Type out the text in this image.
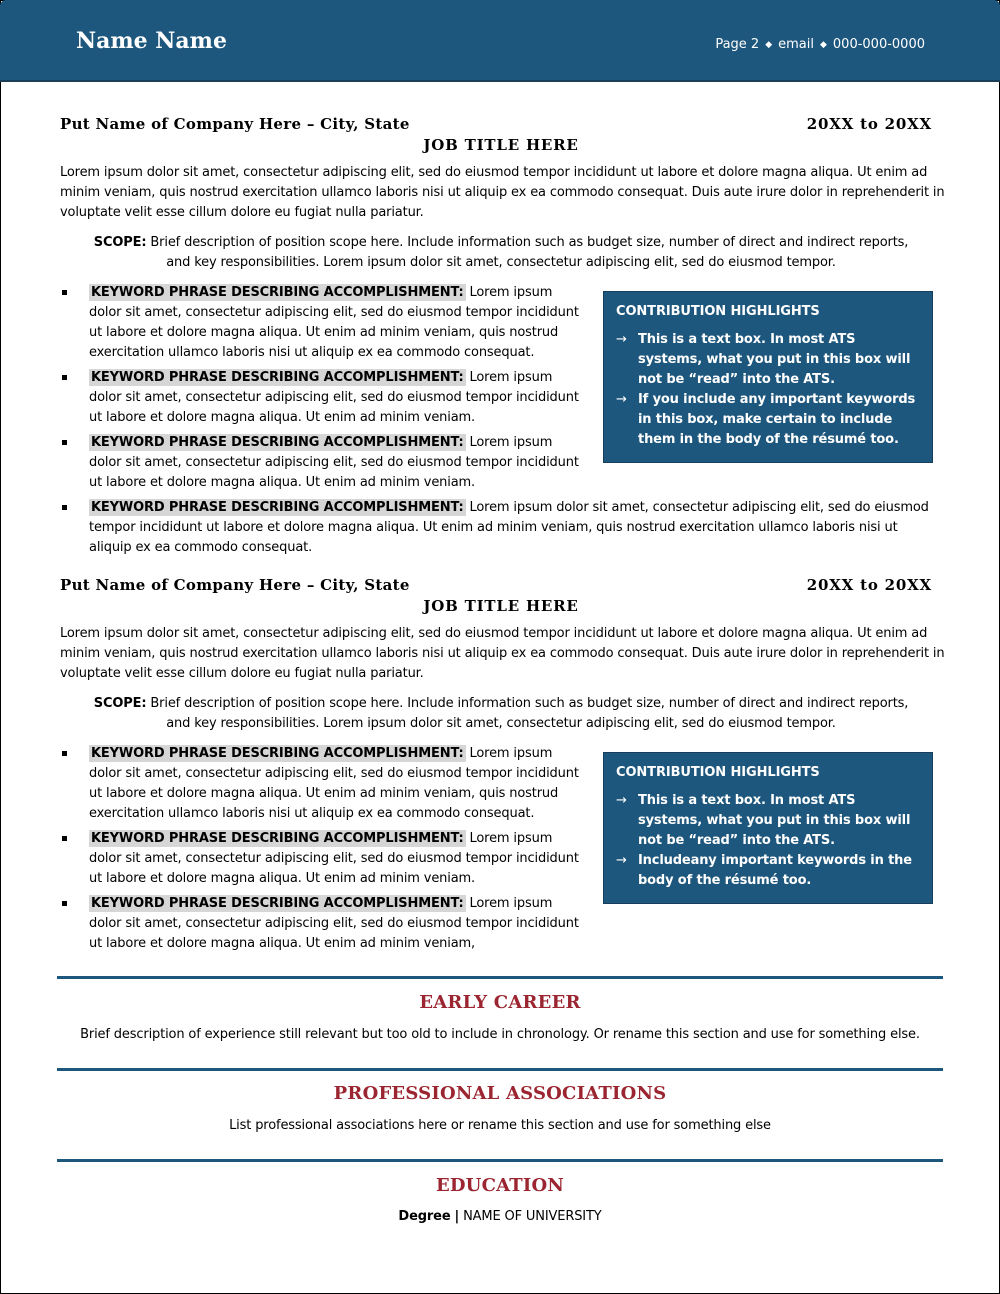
Name Name	Page 2 ◆ email ◆ 000-000-0000
Put Name of Company Here – City, State	20XX to 20XX
JOB TITLE HERE
Lorem ipsum dolor sit amet, consectetur adipiscing elit, sed do eiusmod tempor incididunt ut labore et dolore magna aliqua. Ut enim ad minim veniam, quis nostrud exercitation ullamco laboris nisi ut aliquip ex ea commodo consequat. Duis aute irure dolor in reprehenderit in voluptate velit esse cillum dolore eu fugiat nulla pariatur.
SCOPE: Brief description of position scope here. Include information such as budget size, number of direct and indirect reports, and key responsibilities. Lorem ipsum dolor sit amet, consectetur adipiscing elit, sed do eiusmod tempor.
KEYWORD PHRASE DESCRIBING ACCOMPLISHMENT: Lorem ipsum dolor sit amet, consectetur adipiscing elit, sed do eiusmod tempor incididunt ut labore et dolore magna aliqua. Ut enim ad minim veniam, quis nostrud exercitation ullamco laboris nisi ut aliquip ex ea commodo consequat.
KEYWORD PHRASE DESCRIBING ACCOMPLISHMENT: Lorem ipsum dolor sit amet, consectetur adipiscing elit, sed do eiusmod tempor incididunt ut labore et dolore magna aliqua. Ut enim ad minim veniam.
KEYWORD PHRASE DESCRIBING ACCOMPLISHMENT: Lorem ipsum dolor sit amet, consectetur adipiscing elit, sed do eiusmod tempor incididunt ut labore et dolore magna aliqua. Ut enim ad minim veniam.
KEYWORD PHRASE DESCRIBING ACCOMPLISHMENT: Lorem ipsum dolor sit amet, consectetur adipiscing elit, sed do eiusmod tempor incididunt ut labore et dolore magna aliqua. Ut enim ad minim veniam, quis nostrud exercitation ullamco laboris nisi ut aliquip ex ea commodo consequat.
CONTRIBUTION HIGHLIGHTS
→ This is a text box. In most ATS systems, what you put in this box will not be “read” into the ATS.
→ If you include any important keywords in this box, make certain to include them in the body of the résumé too.
Put Name of Company Here – City, State	20XX to 20XX
JOB TITLE HERE
Lorem ipsum dolor sit amet, consectetur adipiscing elit, sed do eiusmod tempor incididunt ut labore et dolore magna aliqua. Ut enim ad minim veniam, quis nostrud exercitation ullamco laboris nisi ut aliquip ex ea commodo consequat. Duis aute irure dolor in reprehenderit in voluptate velit esse cillum dolore eu fugiat nulla pariatur.
SCOPE: Brief description of position scope here. Include information such as budget size, number of direct and indirect reports, and key responsibilities. Lorem ipsum dolor sit amet, consectetur adipiscing elit, sed do eiusmod tempor.
KEYWORD PHRASE DESCRIBING ACCOMPLISHMENT: Lorem ipsum dolor sit amet, consectetur adipiscing elit, sed do eiusmod tempor incididunt ut labore et dolore magna aliqua. Ut enim ad minim veniam, quis nostrud exercitation ullamco laboris nisi ut aliquip ex ea commodo consequat.
KEYWORD PHRASE DESCRIBING ACCOMPLISHMENT: Lorem ipsum dolor sit amet, consectetur adipiscing elit, sed do eiusmod tempor incididunt ut labore et dolore magna aliqua. Ut enim ad minim veniam.
KEYWORD PHRASE DESCRIBING ACCOMPLISHMENT: Lorem ipsum dolor sit amet, consectetur adipiscing elit, sed do eiusmod tempor incididunt ut labore et dolore magna aliqua. Ut enim ad minim veniam,
CONTRIBUTION HIGHLIGHTS
→ This is a text box. In most ATS systems, what you put in this box will not be “read” into the ATS.
→ Includeany important keywords in the body of the résumé too.
EARLY CAREER
Brief description of experience still relevant but too old to include in chronology. Or rename this section and use for something else.
PROFESSIONAL ASSOCIATIONS
List professional associations here or rename this section and use for something else
EDUCATION
Degree | NAME OF UNIVERSITY
